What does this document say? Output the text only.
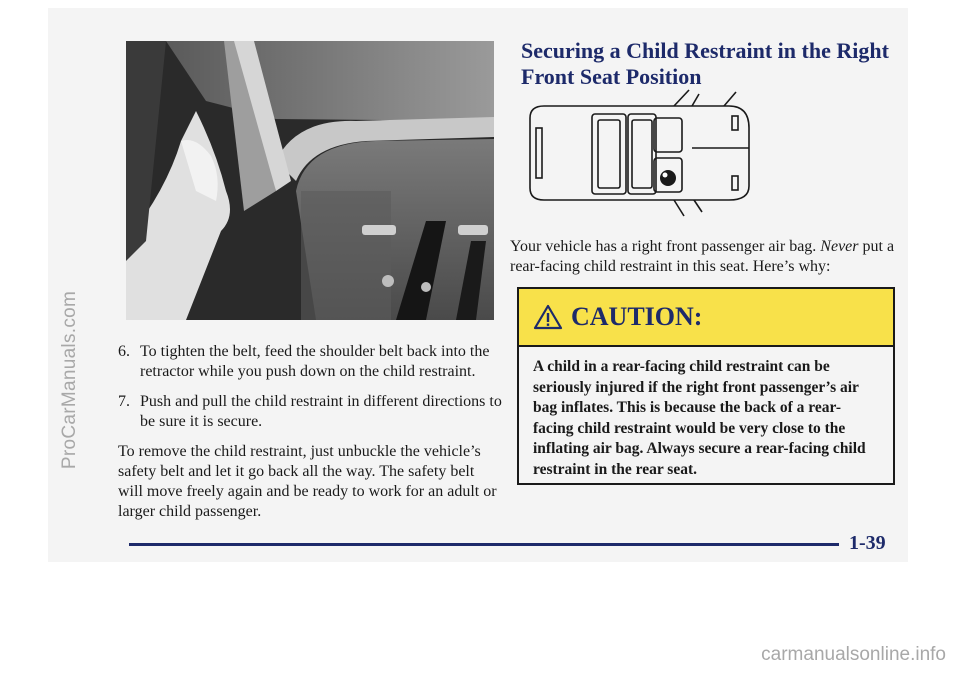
ProCarManuals.com
carmanualsonline.info
6. To tighten the belt, feed the shoulder belt back into the retractor while you push down on the child restraint.
7. Push and pull the child restraint in different directions to be sure it is secure.
To remove the child restraint, just unbuckle the vehicle’s safety belt and let it go back all the way. The safety belt will move freely again and be ready to work for an adult or larger child passenger.
Securing a Child Restraint in the Right Front Seat Position
Your vehicle has a right front passenger air bag. Never put a rear-facing child restraint in this seat. Here’s why:
CAUTION:
A child in a rear-facing child restraint can be seriously injured if the right front passenger’s air bag inflates. This is because the back of a rear-facing child restraint would be very close to the inflating air bag. Always secure a rear-facing child restraint in the rear seat.
1-39
